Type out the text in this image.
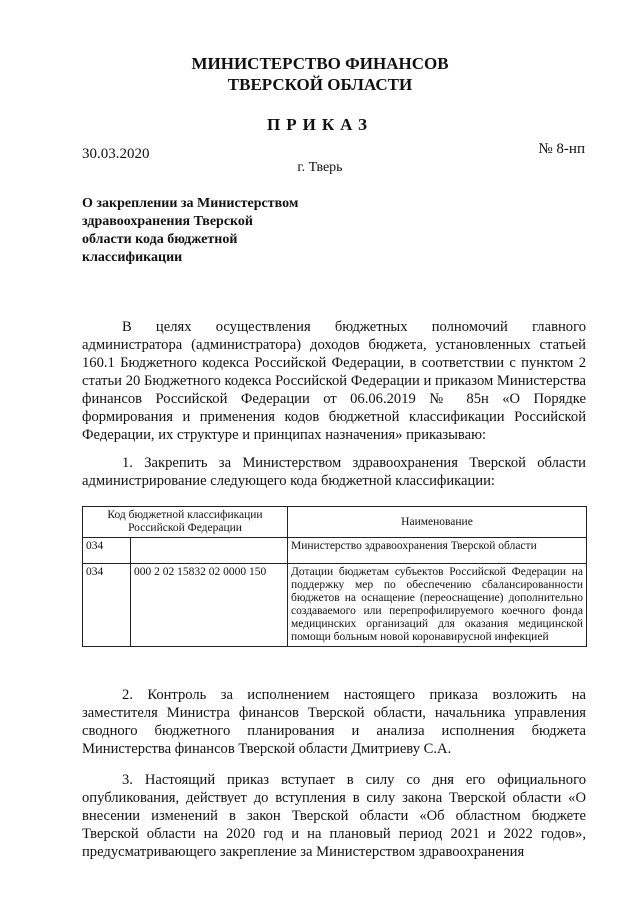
МИНИСТЕРСТВО ФИНАНСОВ
ТВЕРСКОЙ ОБЛАСТИ
ПРИКАЗ
30.03.2020	№ 8-нп
г. Тверь
О закреплении за Министерством здравоохранения Тверской области кода бюджетной классификации
В целях осуществления бюджетных полномочий главного администратора (администратора) доходов бюджета, установленных статьей 160.1 Бюджетного кодекса Российской Федерации, в соответствии с пунктом 2 статьи 20 Бюджетного кодекса Российской Федерации и приказом Министерства финансов Российской Федерации от 06.06.2019 № 85н «О Порядке формирования и применения кодов бюджетной классификации Российской Федерации, их структуре и принципах назначения» приказываю:
1. Закрепить за Министерством здравоохранения Тверской области администрирование следующего кода бюджетной классификации:
Код бюджетной классификации Российской Федерации		Наименование
034		Министерство здравоохранения Тверской области
034	000 2 02 15832 02 0000 150	Дотации бюджетам субъектов Российской Федерации на поддержку мер по обеспечению сбалансированности бюджетов на оснащение (переоснащение) дополнительно создаваемого или перепрофилируемого коечного фонда медицинских организаций для оказания медицинской помощи больным новой коронавирусной инфекцией
2. Контроль за исполнением настоящего приказа возложить на заместителя Министра финансов Тверской области, начальника управления сводного бюджетного планирования и анализа исполнения бюджета Министерства финансов Тверской области Дмитриеву С.А.
3. Настоящий приказ вступает в силу со дня его официального опубликования, действует до вступления в силу закона Тверской области «О внесении изменений в закон Тверской области «Об областном бюджете Тверской области на 2020 год и на плановый период 2021 и 2022 годов», предусматривающего закрепление за Министерством здравоохранения
